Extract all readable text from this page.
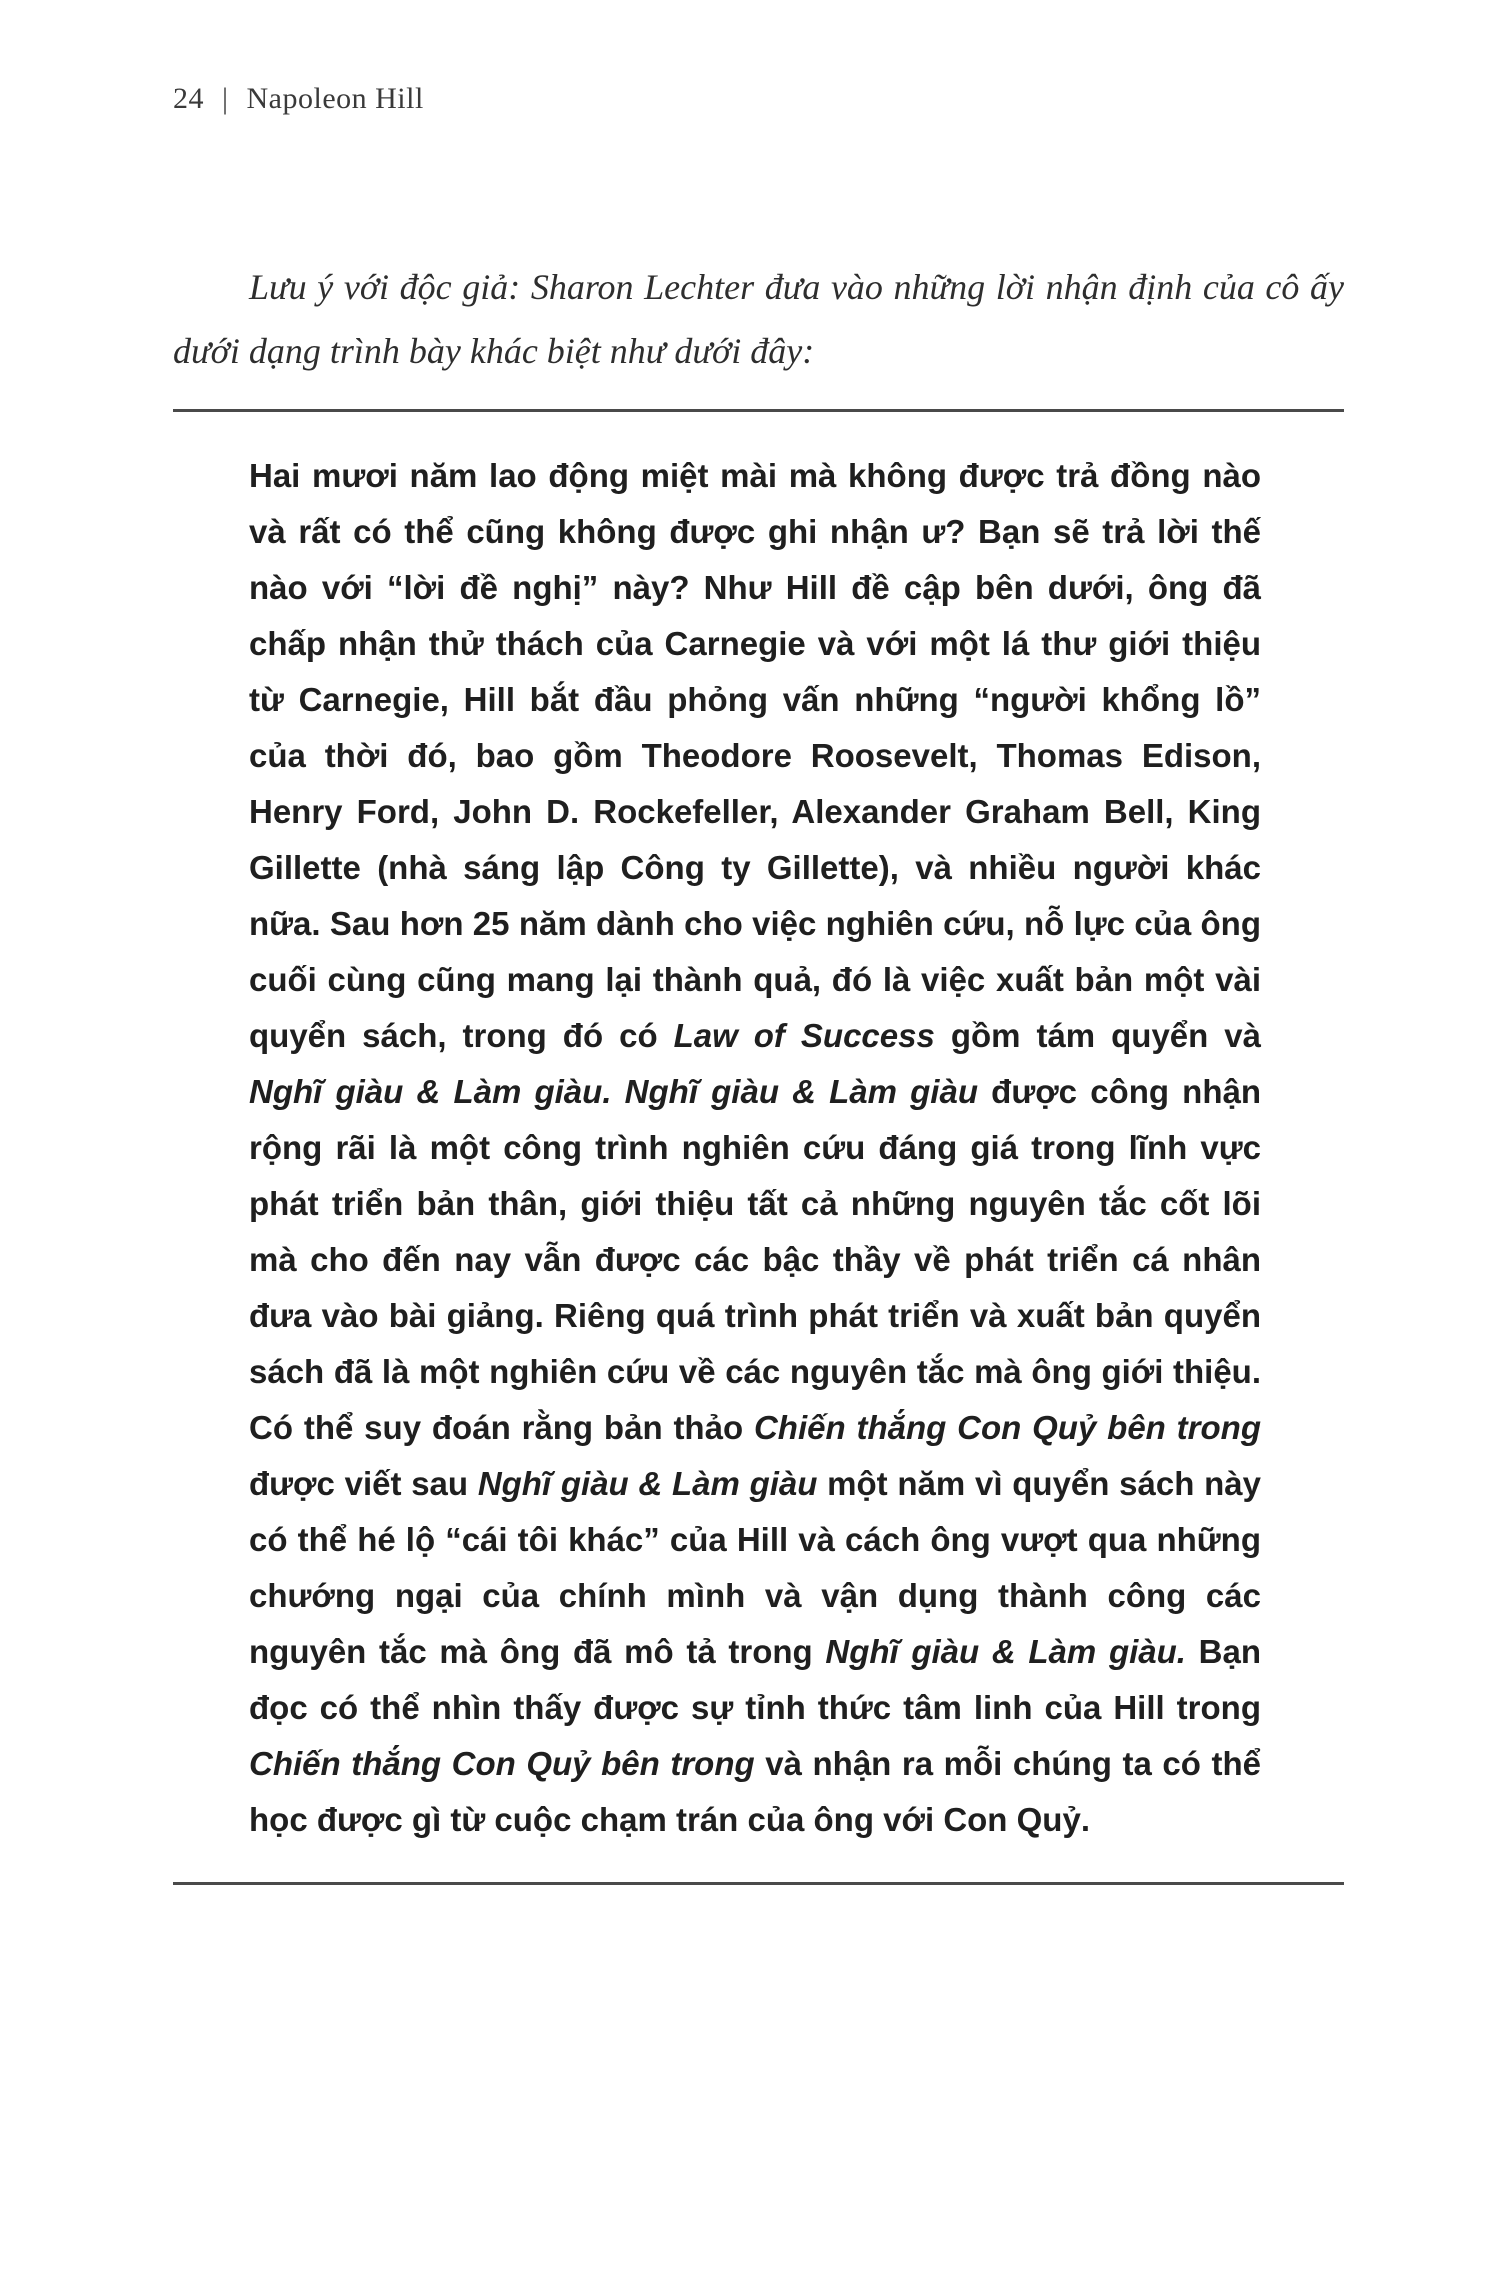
24 | Napoleon Hill

Lưu ý với độc giả: Sharon Lechter đưa vào những lời nhận định của cô ấy dưới dạng trình bày khác biệt như dưới đây:

Hai mươi năm lao động miệt mài mà không được trả đồng nào và rất có thể cũng không được ghi nhận ư? Bạn sẽ trả lời thế nào với “lời đề nghị” này? Như Hill đề cập bên dưới, ông đã chấp nhận thử thách của Carnegie và với một lá thư giới thiệu từ Carnegie, Hill bắt đầu phỏng vấn những “người khổng lồ” của thời đó, bao gồm Theodore Roosevelt, Thomas Edison, Henry Ford, John D. Rockefeller, Alexander Graham Bell, King Gillette (nhà sáng lập Công ty Gillette), và nhiều người khác nữa. Sau hơn 25 năm dành cho việc nghiên cứu, nỗ lực của ông cuối cùng cũng mang lại thành quả, đó là việc xuất bản một vài quyển sách, trong đó có Law of Success gồm tám quyển và Nghĩ giàu & Làm giàu. Nghĩ giàu & Làm giàu được công nhận rộng rãi là một công trình nghiên cứu đáng giá trong lĩnh vực phát triển bản thân, giới thiệu tất cả những nguyên tắc cốt lõi mà cho đến nay vẫn được các bậc thầy về phát triển cá nhân đưa vào bài giảng. Riêng quá trình phát triển và xuất bản quyển sách đã là một nghiên cứu về các nguyên tắc mà ông giới thiệu. Có thể suy đoán rằng bản thảo Chiến thắng Con Quỷ bên trong được viết sau Nghĩ giàu & Làm giàu một năm vì quyển sách này có thể hé lộ “cái tôi khác” của Hill và cách ông vượt qua những chướng ngại của chính mình và vận dụng thành công các nguyên tắc mà ông đã mô tả trong Nghĩ giàu & Làm giàu. Bạn đọc có thể nhìn thấy được sự tỉnh thức tâm linh của Hill trong Chiến thắng Con Quỷ bên trong và nhận ra mỗi chúng ta có thể học được gì từ cuộc chạm trán của ông với Con Quỷ.
